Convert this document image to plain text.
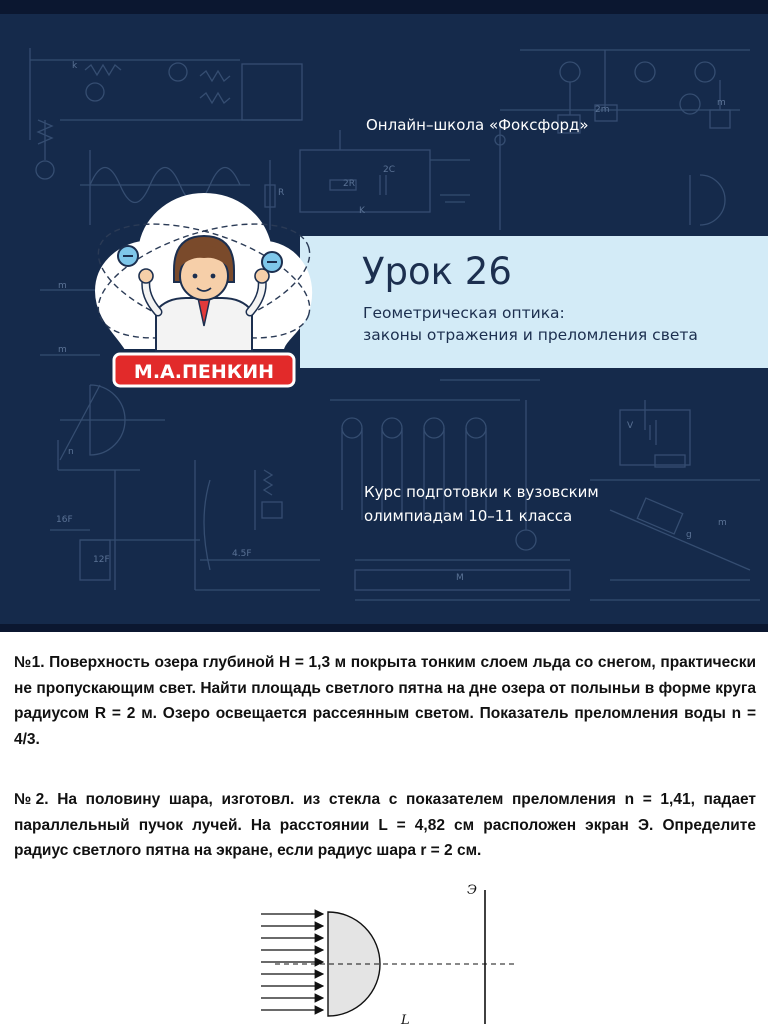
k
2R
2C
R
K
m
m
n
16F
12F
4.5F
M
m
g
V
m
2m
Онлайн–школа «Фоксфорд»
Урок 26
Геометрическая оптика:
законы отражения и преломления света
Курс подготовки к вузовским
олимпиадам 10–11 класса
М.А.ПЕНКИН
№1. Поверхность озера глубиной H = 1,3 м покрыта тонким слоем льда со снегом, практически не пропускающим свет. Найти площадь светлого пятна на дне озера от полыньи в форме круга радиусом R = 2 м. Озеро освещается рассеянным светом. Показатель преломления воды n = 4/3.
№2. На половину шара, изготовл. из стекла с показателем преломления n = 1,41, падает параллельный пучок лучей. На расстоянии L = 4,82 см расположен экран Э. Определите радиус светлого пятна на экране, если радиус шара r = 2 см.
Э
L
